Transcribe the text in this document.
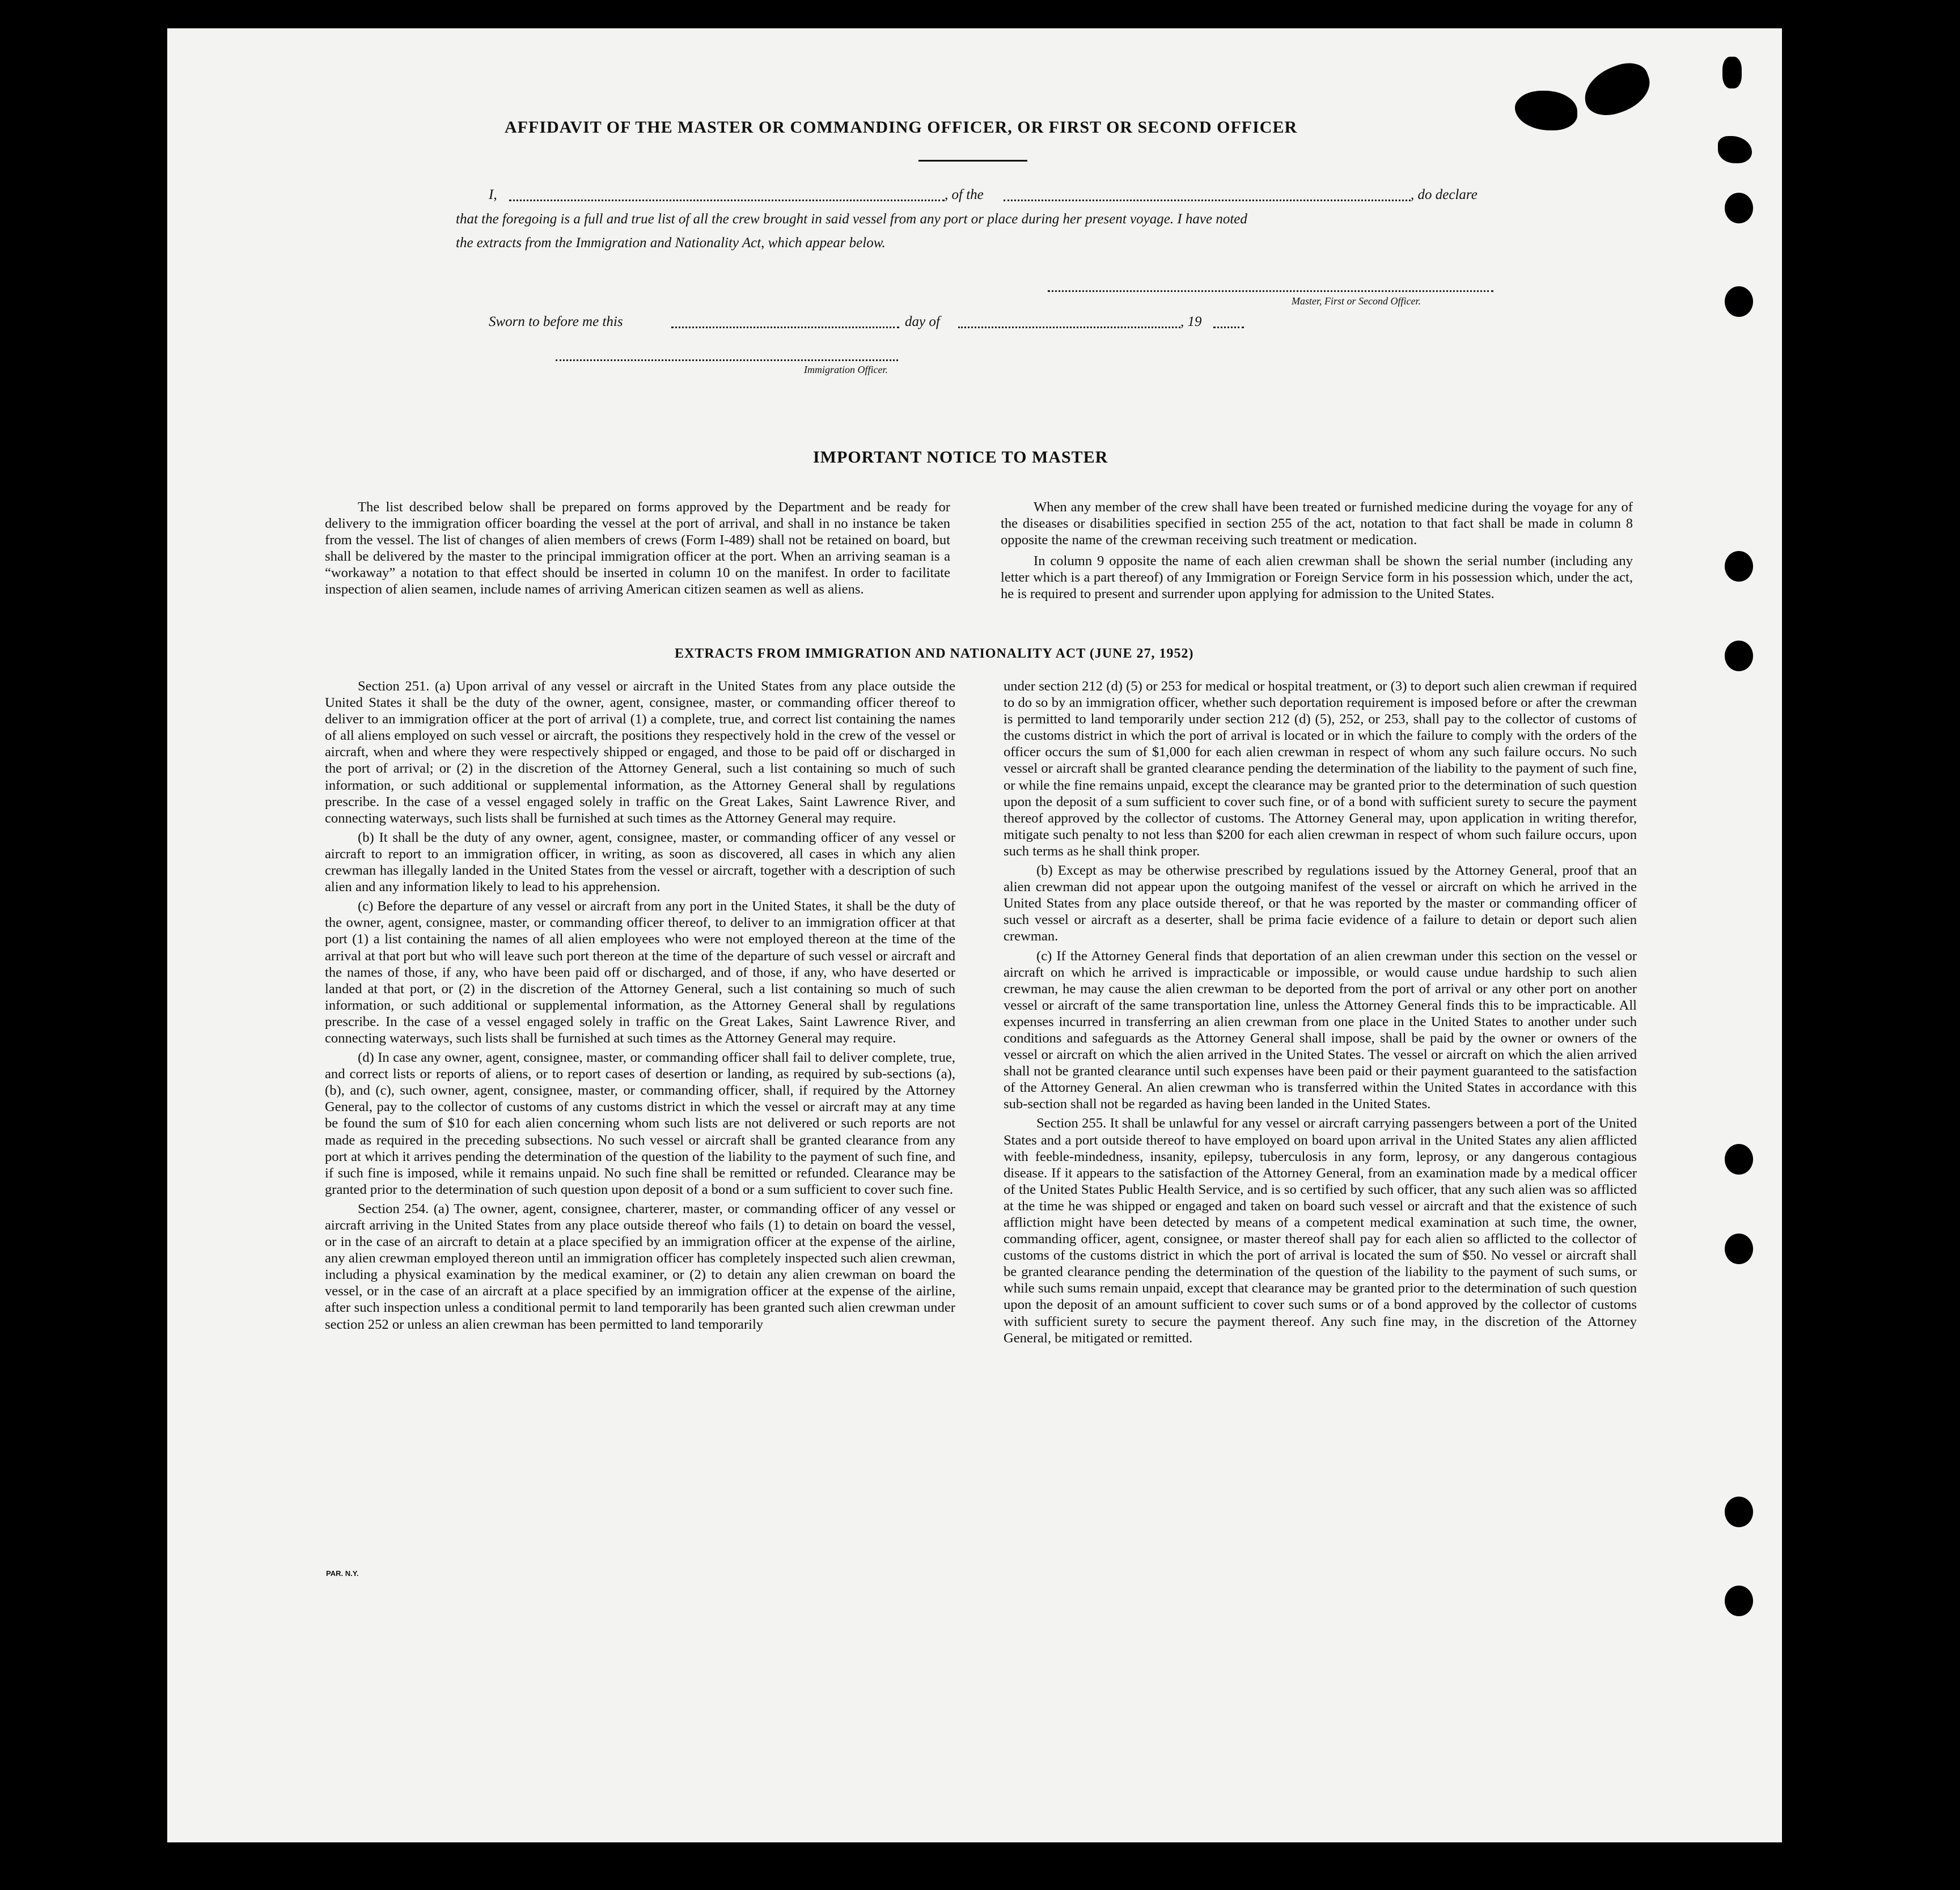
AFFIDAVIT OF THE MASTER OR COMMANDING OFFICER, OR FIRST OR SECOND OFFICER
I,	, of the	, do declare
that the foregoing is a full and true list of all the crew brought in said vessel from any port or place during her present voyage. I have noted
the extracts from the Immigration and Nationality Act, which appear below.
Master, First or Second Officer.
Sworn to before me this	day of	, 19
Immigration Officer.
IMPORTANT NOTICE TO MASTER

The list described below shall be prepared on forms approved by the Department and be ready for delivery to the immigration officer boarding the vessel at the port of arrival, and shall in no instance be taken from the vessel. The list of changes of alien members of crews (Form I-489) shall not be retained on board, but shall be delivered by the master to the principal immigration officer at the port. When an arriving seaman is a “workaway” a notation to that effect should be inserted in column 10 on the manifest. In order to facilitate inspection of alien seamen, include names of arriving American citizen seamen as well as aliens.

When any member of the crew shall have been treated or furnished medicine during the voyage for any of the diseases or disabilities specified in section 255 of the act, notation to that fact shall be made in column 8 opposite the name of the crewman receiving such treatment or medication.

In column 9 opposite the name of each alien crewman shall be shown the serial number (including any letter which is a part thereof) of any Immigration or Foreign Service form in his possession which, under the act, he is required to present and surrender upon applying for admission to the United States.

EXTRACTS FROM IMMIGRATION AND NATIONALITY ACT (JUNE 27, 1952)

Section 251. (a) Upon arrival of any vessel or aircraft in the United States from any place outside the United States it shall be the duty of the owner, agent, consignee, master, or commanding officer thereof to deliver to an immigration officer at the port of arrival (1) a complete, true, and correct list containing the names of all aliens employed on such vessel or aircraft, the positions they respectively hold in the crew of the vessel or aircraft, when and where they were respectively shipped or engaged, and those to be paid off or discharged in the port of arrival; or (2) in the discretion of the Attorney General, such a list containing so much of such information, or such additional or supplemental information, as the Attorney General shall by regulations prescribe. In the case of a vessel engaged solely in traffic on the Great Lakes, Saint Lawrence River, and connecting waterways, such lists shall be furnished at such times as the Attorney General may require.

(b) It shall be the duty of any owner, agent, consignee, master, or commanding officer of any vessel or aircraft to report to an immigration officer, in writing, as soon as discovered, all cases in which any alien crewman has illegally landed in the United States from the vessel or aircraft, together with a description of such alien and any information likely to lead to his apprehension.

(c) Before the departure of any vessel or aircraft from any port in the United States, it shall be the duty of the owner, agent, consignee, master, or commanding officer thereof, to deliver to an immigration officer at that port (1) a list containing the names of all alien employees who were not employed thereon at the time of the arrival at that port but who will leave such port thereon at the time of the departure of such vessel or aircraft and the names of those, if any, who have been paid off or discharged, and of those, if any, who have deserted or landed at that port, or (2) in the discretion of the Attorney General, such a list containing so much of such information, or such additional or supplemental information, as the Attorney General shall by regulations prescribe. In the case of a vessel engaged solely in traffic on the Great Lakes, Saint Lawrence River, and connecting waterways, such lists shall be furnished at such times as the Attorney General may require.

(d) In case any owner, agent, consignee, master, or commanding officer shall fail to deliver complete, true, and correct lists or reports of aliens, or to report cases of desertion or landing, as required by sub-sections (a), (b), and (c), such owner, agent, consignee, master, or commanding officer, shall, if required by the Attorney General, pay to the collector of customs of any customs district in which the vessel or aircraft may at any time be found the sum of $10 for each alien concerning whom such lists are not delivered or such reports are not made as required in the preceding subsections. No such vessel or aircraft shall be granted clearance from any port at which it arrives pending the determination of the question of the liability to the payment of such fine, and if such fine is imposed, while it remains unpaid. No such fine shall be remitted or refunded. Clearance may be granted prior to the determination of such question upon deposit of a bond or a sum sufficient to cover such fine.

Section 254. (a) The owner, agent, consignee, charterer, master, or commanding officer of any vessel or aircraft arriving in the United States from any place outside thereof who fails (1) to detain on board the vessel, or in the case of an aircraft to detain at a place specified by an immigration officer at the expense of the airline, any alien crewman employed thereon until an immigration officer has completely inspected such alien crewman, including a physical examination by the medical examiner, or (2) to detain any alien crewman on board the vessel, or in the case of an aircraft at a place specified by an immigration officer at the expense of the airline, after such inspection unless a conditional permit to land temporarily has been granted such alien crewman under section 252 or unless an alien crewman has been permitted to land temporarily

under section 212 (d) (5) or 253 for medical or hospital treatment, or (3) to deport such alien crewman if required to do so by an immigration officer, whether such deportation requirement is imposed before or after the crewman is permitted to land temporarily under section 212 (d) (5), 252, or 253, shall pay to the collector of customs of the customs district in which the port of arrival is located or in which the failure to comply with the orders of the officer occurs the sum of $1,000 for each alien crewman in respect of whom any such failure occurs. No such vessel or aircraft shall be granted clearance pending the determination of the liability to the payment of such fine, or while the fine remains unpaid, except the clearance may be granted prior to the determination of such question upon the deposit of a sum sufficient to cover such fine, or of a bond with sufficient surety to secure the payment thereof approved by the collector of customs. The Attorney General may, upon application in writing therefor, mitigate such penalty to not less than $200 for each alien crewman in respect of whom such failure occurs, upon such terms as he shall think proper.

(b) Except as may be otherwise prescribed by regulations issued by the Attorney General, proof that an alien crewman did not appear upon the outgoing manifest of the vessel or aircraft on which he arrived in the United States from any place outside thereof, or that he was reported by the master or commanding officer of such vessel or aircraft as a deserter, shall be prima facie evidence of a failure to detain or deport such alien crewman.

(c) If the Attorney General finds that deportation of an alien crewman under this section on the vessel or aircraft on which he arrived is impracticable or impossible, or would cause undue hardship to such alien crewman, he may cause the alien crewman to be deported from the port of arrival or any other port on another vessel or aircraft of the same transportation line, unless the Attorney General finds this to be impracticable. All expenses incurred in transferring an alien crewman from one place in the United States to another under such conditions and safeguards as the Attorney General shall impose, shall be paid by the owner or owners of the vessel or aircraft on which the alien arrived in the United States. The vessel or aircraft on which the alien arrived shall not be granted clearance until such expenses have been paid or their payment guaranteed to the satisfaction of the Attorney General. An alien crewman who is transferred within the United States in accordance with this sub-section shall not be regarded as having been landed in the United States.

Section 255. It shall be unlawful for any vessel or aircraft carrying passengers between a port of the United States and a port outside thereof to have employed on board upon arrival in the United States any alien afflicted with feeble-mindedness, insanity, epilepsy, tuberculosis in any form, leprosy, or any dangerous contagious disease. If it appears to the satisfaction of the Attorney General, from an examination made by a medical officer of the United States Public Health Service, and is so certified by such officer, that any such alien was so afflicted at the time he was shipped or engaged and taken on board such vessel or aircraft and that the existence of such affliction might have been detected by means of a competent medical examination at such time, the owner, commanding officer, agent, consignee, or master thereof shall pay for each alien so afflicted to the collector of customs of the customs district in which the port of arrival is located the sum of $50. No vessel or aircraft shall be granted clearance pending the determination of the question of the liability to the payment of such sums, or while such sums remain unpaid, except that clearance may be granted prior to the determination of such question upon the deposit of an amount sufficient to cover such sums or of a bond approved by the collector of customs with sufficient surety to secure the payment thereof. Any such fine may, in the discretion of the Attorney General, be mitigated or remitted.

PAR. N.Y.
